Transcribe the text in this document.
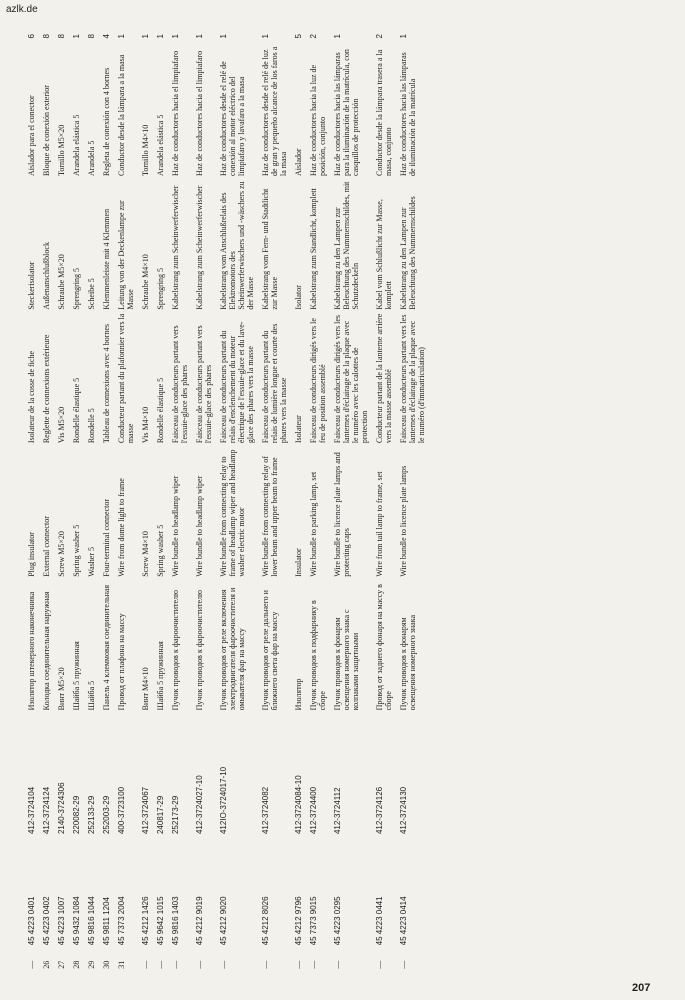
azlk.de
—	45 4223 0401	412-3724104	Изолятор штекерного наконечника	Plug insulator	Isolateur de la cosse de fiche	Steckerisolator	Aislador para el conector	6
26	45 4223 0402	412-3724124	Колодка соединительная наружная	External connector	Reglette de connexions extérieure	Außenanschlußblock	Bloque de conexión exterior	8
27	45 4223 1007	2140-3724306	Винт М5×20	Screw M5×20	Vis M5×20	Schraube M5×20	Tornillo M5×20	8
28	45 9432 1084	220082-29	Шайба 5 пружинная	Spring washer 5	Rondelle élastique 5	Sprengring 5	Arandela elástica 5	1
29	45 9816 1044	252133-29	Шайба 5	Washer 5	Rondelle 5	Scheibe 5	Arandela 5	8
30	45 9811 1204	252003-29	Панель 4 клеммовая соединительная	Four-terminal connector	Tableau de connexions avec 4 bornes	Klemmenleiste mit 4 Klemmen	Regleta de conexión con 4 bornes	4
31	45 7373 2004	400-3723100	Провод от плафона на массу	Wire from dome light to frame	Conducteur partant du plafonnier vers la masse	Leitung von der Deckenlampe zur Masse	Conductor desde la lámpara a la masa	1
—	45 4212 1426	412-3724067	Винт М4×10	Screw M4×10	Vis M4×10	Schraube M4×10	Tornillo M4×10	1
—	45 9642 1015	240817-29	Шайба 5 пружинная	Spring washer 5	Rondelle élastique 5	Sprengring 5	Arandela elástica 5	1
—	45 9816 1403	252173-29	Пучок проводов к фароочистителю	Wire bundle to headlamp wiper	Faisceau de conducteurs partant vers l'essuie-glace des phares	Kabelstrang zum Scheinwerferwischer	Haz de conductores hacia el limpiafaro	1
—	45 4212 9019	412-3724027-10	Пучок проводов к фароочистителю	Wire bundle to headlamp wiper	Faisceau de conducteurs partant vers l'essuie-glace des phares	Kabelstrang zum Scheinwerferwischer	Haz de conductores hacia el limpiafaro	1
—	45 4212 9020	412IO-3724017-10	Пучок проводов от реле включения электродвигателя фароочистителя и омывателя фар на массу	Wire bundle from connecting relay to frame of headlamp wiper and headlamp washer electric motor	Faisceau de conducteurs partant du relais d'enclenchement du moteur électrique de l'essuie-glace et du lave-glace des phares vers la masse	Kabelstrang vom Anschlußrelais des Elektromotors des Scheinwerferwischers und -wäschers zu der Masse	Haz de conductores desde el relé de conexión al motor eléctrico del limpiafaro y lavafaro a la masa	1
—	45 4212 8026	412-3724082	Пучок проводов от реле дальнего и ближнего света фар на массу	Wire bundle from connecting relay of lower beam and upper beam to frame	Faisceau de conducteurs partant du relais de lumière longue et courte des phares vers la masse	Kabelstrang vom Fern- und Stadtlicht zur Masse	Haz de conductores desde el relé de luz de gran y pequeño alcance de los faros a la masa	1
—	45 4212 9796	412-3724084-10	Изолятор	Insulator	Isolateur	Isolator	Aislador	5
—	45 7373 9015	412-3724400	Пучок проводов к подфарнику в сборе	Wire bundle to parking lamp, set	Faisceau de conducteurs dirigés vers le feu de position assemblé	Kabelstrang zum Standlicht, komplett	Haz de conductores hacia la luz de posición, conjunto	2
—	45 4223 0295	412-3724112	Пучок проводов к фонарям освещения номерного знака с колпаками защитными	Wire bundle to licence plate lamps and protecting caps	Faisceau de conducteurs dirigés vers les lanternes d'éclairage de la plaque avec le numéro avec les calottes de protection	Kabelstrang zu den Lampen zur Beleuchtung des Nummernschildes, mit Schutzdeckeln	Haz de conductores hacia las lámparas para la iluminación de la matrícula, con casquillos de protección	1
—	45 4223 0441	412-3724126	Провод от заднего фонаря на массу в сборе	Wire from tail lamp to frame, set	Conducteur partant de la lanterne arrière vers la masse assemblé	Kabel vom Schlußlicht zur Masse, komplett	Conductor desde la lámpara trasera a la masa, conjunto	2
—	45 4223 0414	412-3724130	Пучок проводов к фонарям освещения номерного знака	Wire bundle to licence plate lamps	Faisceau de conducteurs partant vers les lanternes d'éclairage de la plaque avec le numéro (d'immatriculation)	Kabelstrang zu den Lampen zur Beleuchtung des Nummernschildes	Haz de conductores hacia las lámparas de iluminación de la matrícula	1
207
